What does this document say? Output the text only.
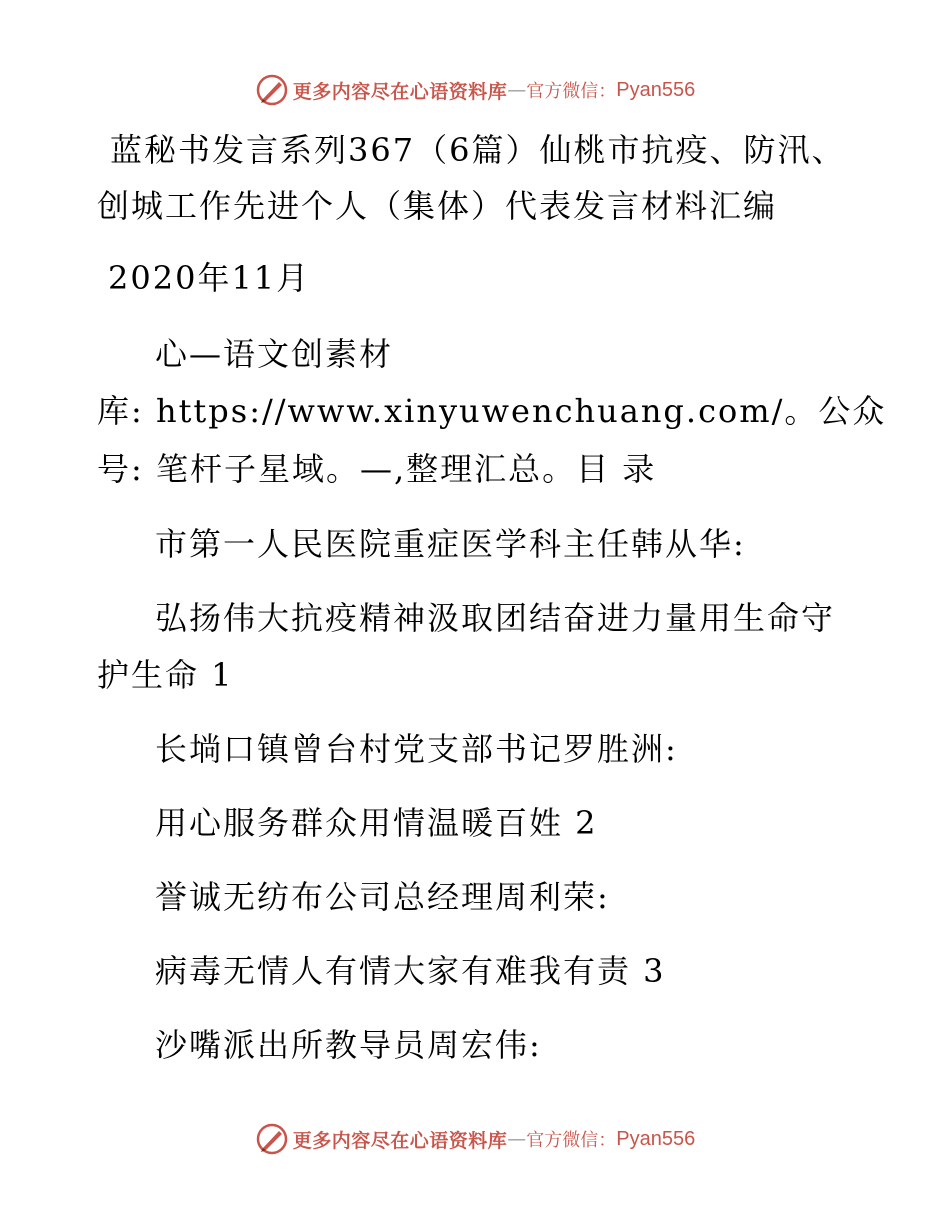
更多内容尽在心语资料库 — 官方微信： Pyan556
蓝秘书发言系列367（6篇）仙桃市抗疫、防汛、
创城工作先进个人（集体）代表发言材料汇编
2020年11月
心—语文创素材
库: https://www.xinyuwenchuang.com/。公众
号: 笔杆子星域。—,整理汇总。目 录
市第一人民医院重症医学科主任韩从华:
弘扬伟大抗疫精神汲取团结奋进力量用生命守
护生命 1
长埫口镇曾台村党支部书记罗胜洲:
用心服务群众用情温暖百姓 2
誉诚无纺布公司总经理周利荣:
病毒无情人有情大家有难我有责 3
沙嘴派出所教导员周宏伟:
更多内容尽在心语资料库 — 官方微信： Pyan556
